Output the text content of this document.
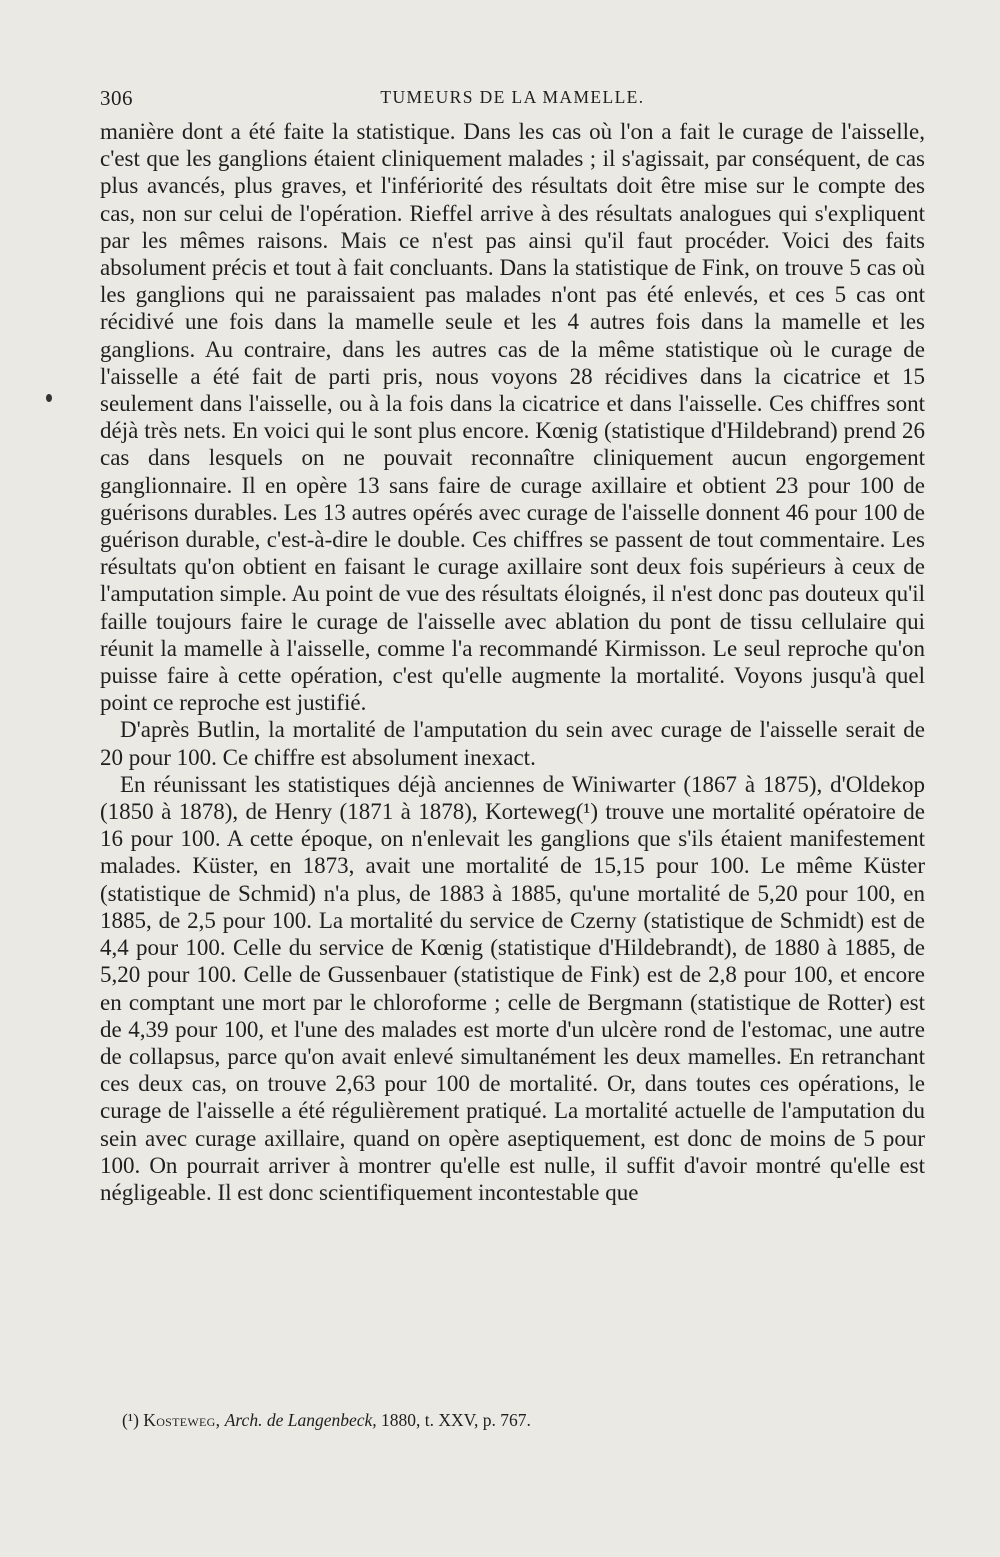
306	TUMEURS DE LA MAMELLE.

manière dont a été faite la statistique. Dans les cas où l'on a fait le curage de l'aisselle, c'est que les ganglions étaient cliniquement malades ; il s'agissait, par conséquent, de cas plus avancés, plus graves, et l'infériorité des résultats doit être mise sur le compte des cas, non sur celui de l'opération. Rieffel arrive à des résultats analogues qui s'expliquent par les mêmes raisons. Mais ce n'est pas ainsi qu'il faut procéder. Voici des faits absolument précis et tout à fait concluants. Dans la statistique de Fink, on trouve 5 cas où les ganglions qui ne paraissaient pas malades n'ont pas été enlevés, et ces 5 cas ont récidivé une fois dans la mamelle seule et les 4 autres fois dans la mamelle et les ganglions. Au contraire, dans les autres cas de la même statistique où le curage de l'aisselle a été fait de parti pris, nous voyons 28 récidives dans la cicatrice et 15 seulement dans l'aisselle, ou à la fois dans la cicatrice et dans l'aisselle. Ces chiffres sont déjà très nets. En voici qui le sont plus encore. Kœnig (statistique d'Hildebrand) prend 26 cas dans lesquels on ne pouvait reconnaître cliniquement aucun engorgement ganglionnaire. Il en opère 13 sans faire de curage axillaire et obtient 23 pour 100 de guérisons durables. Les 13 autres opérés avec curage de l'aisselle donnent 46 pour 100 de guérison durable, c'est-à-dire le double. Ces chiffres se passent de tout commentaire. Les résultats qu'on obtient en faisant le curage axillaire sont deux fois supérieurs à ceux de l'amputation simple. Au point de vue des résultats éloignés, il n'est donc pas douteux qu'il faille toujours faire le curage de l'aisselle avec ablation du pont de tissu cellulaire qui réunit la mamelle à l'aisselle, comme l'a recommandé Kirmisson. Le seul reproche qu'on puisse faire à cette opération, c'est qu'elle augmente la mortalité. Voyons jusqu'à quel point ce reproche est justifié.

D'après Butlin, la mortalité de l'amputation du sein avec curage de l'aisselle serait de 20 pour 100. Ce chiffre est absolument inexact.

En réunissant les statistiques déjà anciennes de Winiwarter (1867 à 1875), d'Oldekop (1850 à 1878), de Henry (1871 à 1878), Korteweg(¹) trouve une mortalité opératoire de 16 pour 100. A cette époque, on n'enlevait les ganglions que s'ils étaient manifestement malades. Küster, en 1873, avait une mortalité de 15,15 pour 100. Le même Küster (statistique de Schmid) n'a plus, de 1883 à 1885, qu'une mortalité de 5,20 pour 100, en 1885, de 2,5 pour 100. La mortalité du service de Czerny (statistique de Schmidt) est de 4,4 pour 100. Celle du service de Kœnig (statistique d'Hildebrandt), de 1880 à 1885, de 5,20 pour 100. Celle de Gussenbauer (statistique de Fink) est de 2,8 pour 100, et encore en comptant une mort par le chloroforme ; celle de Bergmann (statistique de Rotter) est de 4,39 pour 100, et l'une des malades est morte d'un ulcère rond de l'estomac, une autre de collapsus, parce qu'on avait enlevé simultanément les deux mamelles. En retranchant ces deux cas, on trouve 2,63 pour 100 de mortalité. Or, dans toutes ces opérations, le curage de l'aisselle a été régulièrement pratiqué. La mortalité actuelle de l'amputation du sein avec curage axillaire, quand on opère aseptiquement, est donc de moins de 5 pour 100. On pourrait arriver à montrer qu'elle est nulle, il suffit d'avoir montré qu'elle est négligeable. Il est donc scientifiquement incontestable que

(¹) Kosteweg, Arch. de Langenbeck, 1880, t. XXV, p. 767.
